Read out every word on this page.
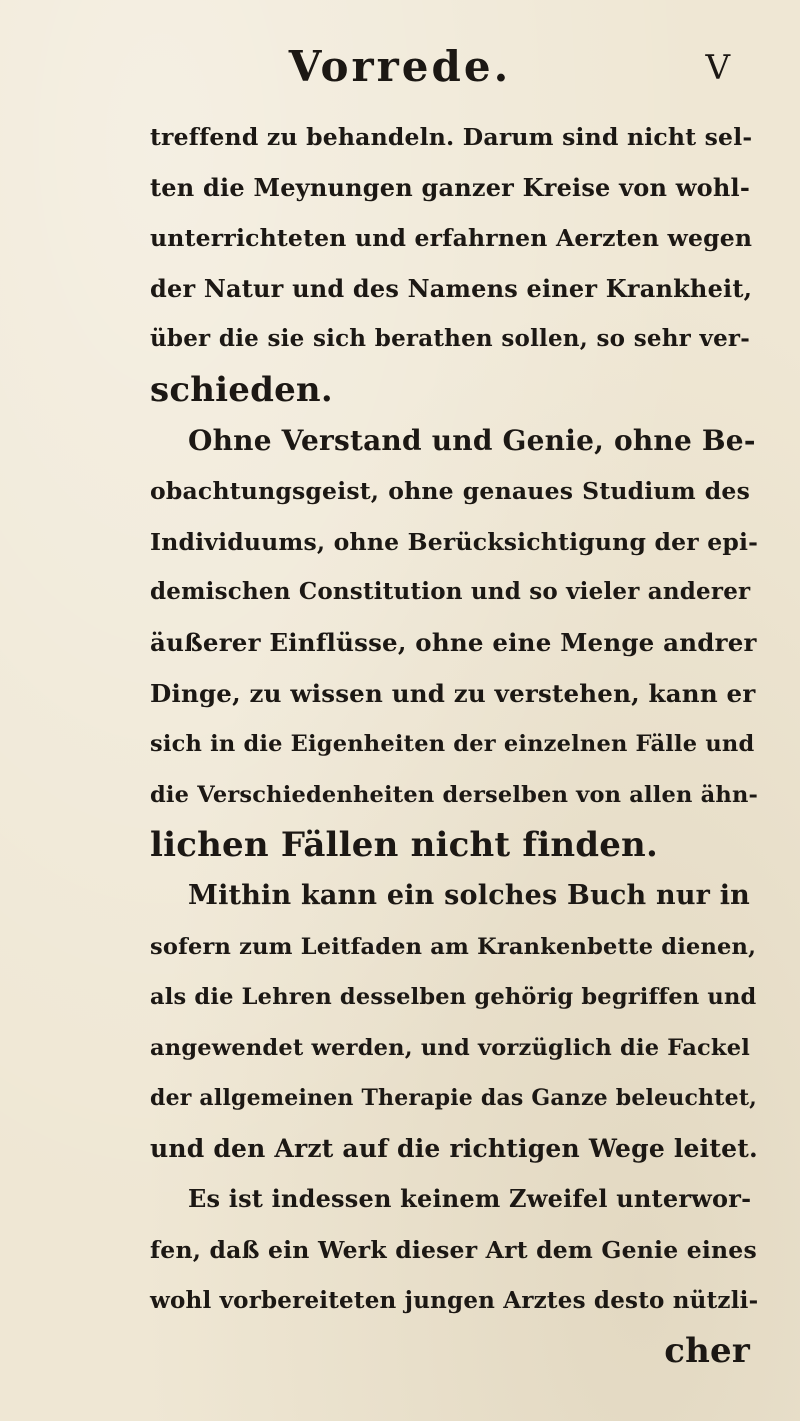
Vorrede.	V
treffend zu behandeln. Darum sind nicht sel-
ten die Meynungen ganzer Kreise von wohl-
unterrichteten und erfahrnen Aerzten wegen
der Natur und des Namens einer Krankheit,
über die sie sich berathen sollen, so sehr ver-
schieden.
Ohne Verstand und Genie, ohne Be-
obachtungsgeist, ohne genaues Studium des
Individuums, ohne Berücksichtigung der epi-
demischen Constitution und so vieler anderer
äußerer Einflüsse, ohne eine Menge andrer
Dinge, zu wissen und zu verstehen, kann er
sich in die Eigenheiten der einzelnen Fälle und
die Verschiedenheiten derselben von allen ähn-
lichen Fällen nicht finden.
Mithin kann ein solches Buch nur in
sofern zum Leitfaden am Krankenbette dienen,
als die Lehren desselben gehörig begriffen und
angewendet werden, und vorzüglich die Fackel
der allgemeinen Therapie das Ganze beleuchtet,
und den Arzt auf die richtigen Wege leitet.
Es ist indessen keinem Zweifel unterwor-
fen, daß ein Werk dieser Art dem Genie eines
wohl vorbereiteten jungen Arztes desto nützli-
cher
